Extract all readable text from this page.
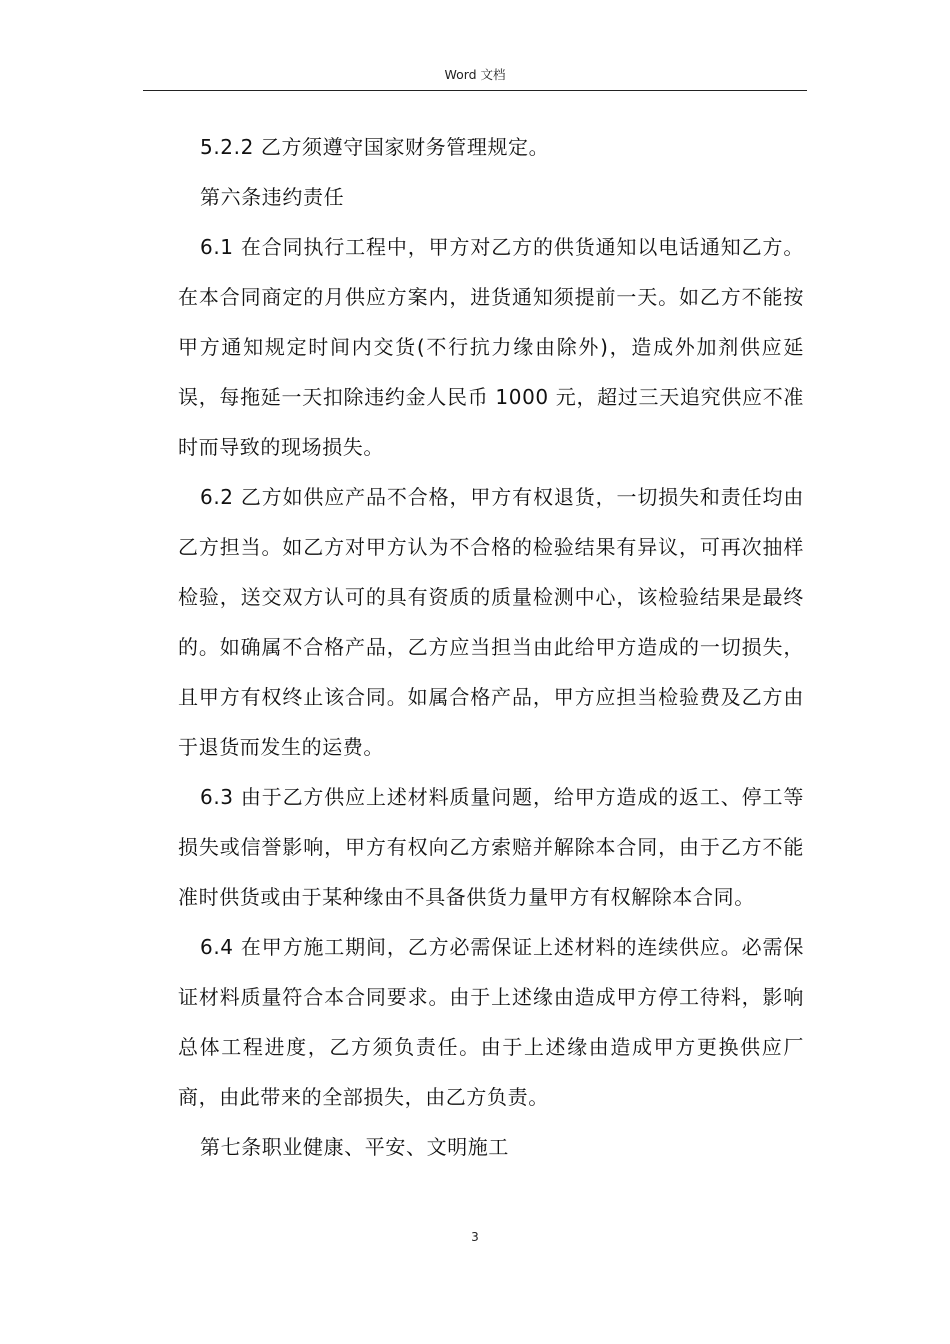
Word 文档

5.2.2 乙方须遵守国家财务管理规定。

第六条违约责任

6.1 在合同执行工程中，甲方对乙方的供货通知以电话通知乙方。在本合同商定的月供应方案内，进货通知须提前一天。如乙方不能按甲方通知规定时间内交货(不行抗力缘由除外)，造成外加剂供应延误，每拖延一天扣除违约金人民币 1000 元，超过三天追究供应不准时而导致的现场损失。

6.2 乙方如供应产品不合格，甲方有权退货，一切损失和责任均由乙方担当。如乙方对甲方认为不合格的检验结果有异议，可再次抽样检验，送交双方认可的具有资质的质量检测中心，该检验结果是最终的。如确属不合格产品，乙方应当担当由此给甲方造成的一切损失，且甲方有权终止该合同。如属合格产品，甲方应担当检验费及乙方由于退货而发生的运费。

6.3 由于乙方供应上述材料质量问题，给甲方造成的返工、停工等损失或信誉影响，甲方有权向乙方索赔并解除本合同，由于乙方不能准时供货或由于某种缘由不具备供货力量甲方有权解除本合同。

6.4 在甲方施工期间，乙方必需保证上述材料的连续供应。必需保证材料质量符合本合同要求。由于上述缘由造成甲方停工待料，影响总体工程进度，乙方须负责任。由于上述缘由造成甲方更换供应厂商，由此带来的全部损失，由乙方负责。

第七条职业健康、平安、文明施工

3
